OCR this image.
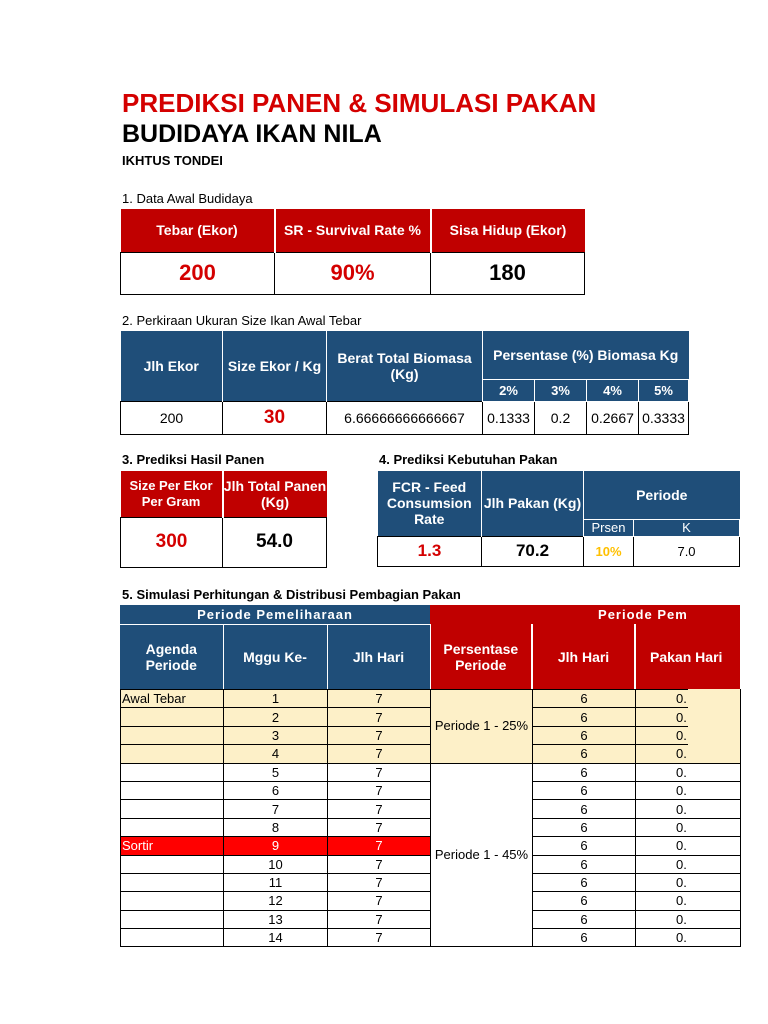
PREDIKSI PANEN & SIMULASI PAKAN
BUDIDAYA IKAN NILA
IKHTUS TONDEI
1. Data Awal Budidaya
Tebar (Ekor)	SR - Survival Rate %	Sisa Hidup (Ekor)
200	90%	180
2. Perkiraan Ukuran Size Ikan Awal Tebar
Jlh Ekor	Size Ekor / Kg	Berat Total Biomasa (Kg)	Persentase (%) Biomasa Kg			
			2%	3%	4%	5%
200	30	6.66666666666667	0.1333	0.2	0.2667	0.3333
3. Prediksi Hasil Panen
Size Per Ekor Per Gram	Jlh Total Panen (Kg)
300	54.0
4. Prediksi Kebutuhan Pakan
FCR - Feed Consumsion Rate	Jlh Pakan (Kg)	Periode	
		Prsen	K
1.3	70.2	10%	7.0
5. Simulasi Perhitungan & Distribusi Pembagian Pakan
Periode Pemeliharaan			Periode Pem		
Agenda Periode	Mggu Ke-	Jlh Hari	Persentase Periode	Jlh Hari	Pakan Hari
Awal Tebar	1	7	Periode 1 - 25%	6	0.
	2	7		6	0.
	3	7		6	0.
	4	7		6	0.
	5	7	Periode 1 - 45%	6	0.
	6	7		6	0.
	7	7		6	0.
	8	7		6	0.
Sortir	9	7		6	0.
	10	7		6	0.
	11	7		6	0.
	12	7		6	0.
	13	7		6	0.
	14	7		6	0.
